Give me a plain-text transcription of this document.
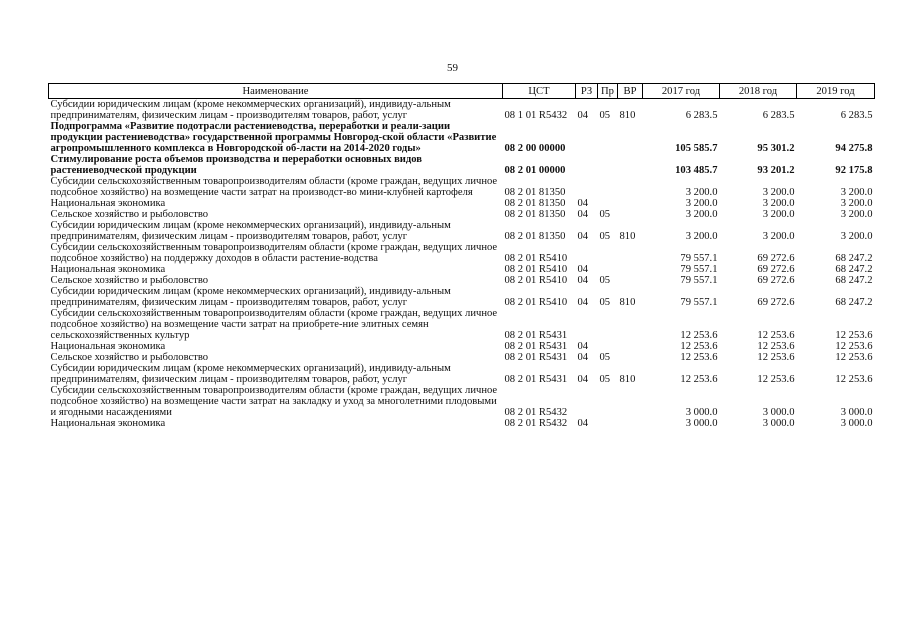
59
Наименование	ЦСТ	РЗ	Пр	ВР	2017 год	2018 год	2019 год
Субсидии юридическим лицам (кроме некоммерческих организаций), индивиду-альным предпринимателям, физическим лицам - производителям товаров, работ, услуг	08 1 01 R5432	04	05	810	6 283.5	6 283.5	6 283.5
Подпрограмма «Развитие подотрасли растениеводства, переработки и реали-зации продукции растениеводства» государственной программы Новгород-ской области «Развитие агропромышленного комплекса в Новгородской об-ласти на 2014-2020 годы»	08 2 00 00000				105 585.7	95 301.2	94 275.8
Стимулирование роста объемов производства и переработки основных видов растениеводческой продукции	08 2 01 00000				103 485.7	93 201.2	92 175.8
Субсидии сельскохозяйственным товаропроизводителям области (кроме граждан, ведущих личное подсобное хозяйство) на возмещение части затрат на производст-во мини-клубней картофеля	08 2 01 81350				3 200.0	3 200.0	3 200.0
Национальная экономика	08 2 01 81350	04			3 200.0	3 200.0	3 200.0
Сельское хозяйство и рыболовство	08 2 01 81350	04	05		3 200.0	3 200.0	3 200.0
Субсидии юридическим лицам (кроме некоммерческих организаций), индивиду-альным предпринимателям, физическим лицам - производителям товаров, работ, услуг	08 2 01 81350	04	05	810	3 200.0	3 200.0	3 200.0
Субсидии сельскохозяйственным товаропроизводителям области (кроме граждан, ведущих личное подсобное хозяйство) на поддержку доходов в области растение-водства	08 2 01 R5410				79 557.1	69 272.6	68 247.2
Национальная экономика	08 2 01 R5410	04			79 557.1	69 272.6	68 247.2
Сельское хозяйство и рыболовство	08 2 01 R5410	04	05		79 557.1	69 272.6	68 247.2
Субсидии юридическим лицам (кроме некоммерческих организаций), индивиду-альным предпринимателям, физическим лицам - производителям товаров, работ, услуг	08 2 01 R5410	04	05	810	79 557.1	69 272.6	68 247.2
Субсидии сельскохозяйственным товаропроизводителям области (кроме граждан, ведущих личное подсобное хозяйство) на возмещение части затрат на приобрете-ние элитных семян сельскохозяйственных культур	08 2 01 R5431				12 253.6	12 253.6	12 253.6
Национальная экономика	08 2 01 R5431	04			12 253.6	12 253.6	12 253.6
Сельское хозяйство и рыболовство	08 2 01 R5431	04	05		12 253.6	12 253.6	12 253.6
Субсидии юридическим лицам (кроме некоммерческих организаций), индивиду-альным предпринимателям, физическим лицам - производителям товаров, работ, услуг	08 2 01 R5431	04	05	810	12 253.6	12 253.6	12 253.6
Субсидии сельскохозяйственным товаропроизводителям области (кроме граждан, ведущих личное подсобное хозяйство) на возмещение части затрат на закладку и уход за многолетними плодовыми и ягодными насаждениями	08 2 01 R5432				3 000.0	3 000.0	3 000.0
Национальная экономика	08 2 01 R5432	04			3 000.0	3 000.0	3 000.0
